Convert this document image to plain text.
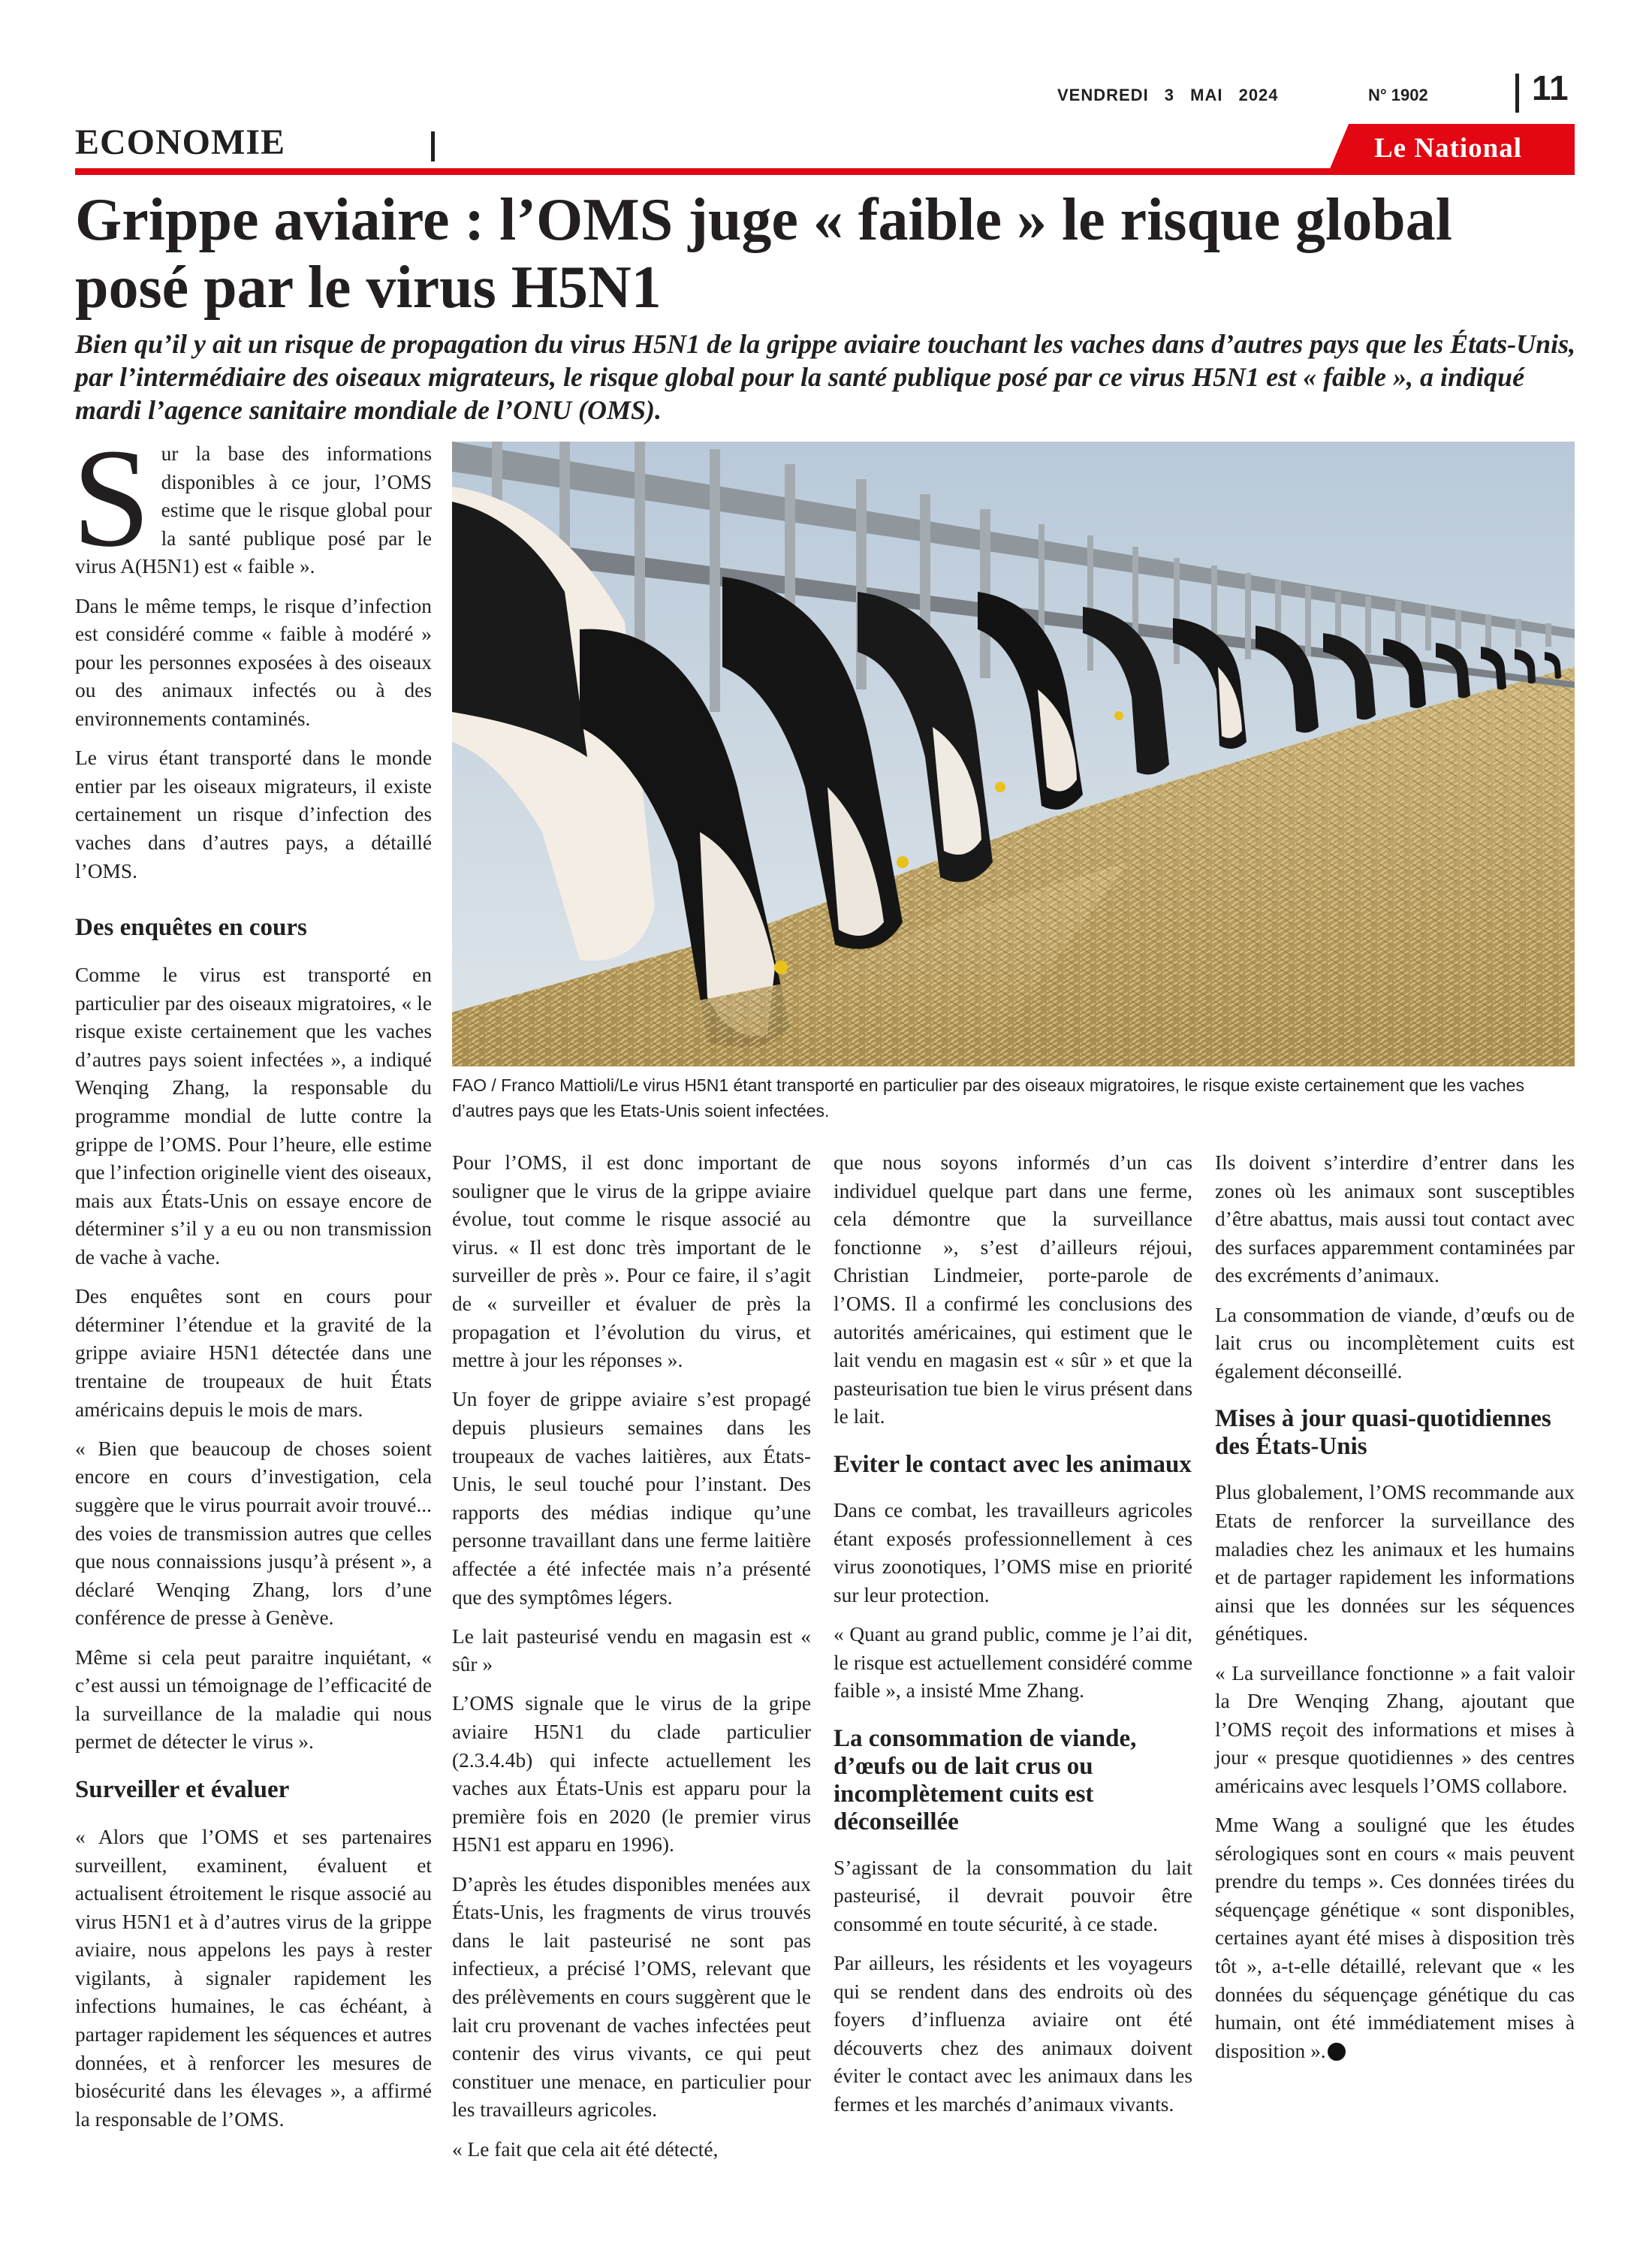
VENDREDI 3 MAI 2024	N° 1902	11
ECONOMIE	Le National
Grippe aviaire : l’OMS juge « faible » le risque global posé par le virus H5N1

Bien qu’il y ait un risque de propagation du virus H5N1 de la grippe aviaire touchant les vaches dans d’autres pays que les États-Unis, par l’intermédiaire des oiseaux migrateurs, le risque global pour la santé publique posé par ce virus H5N1 est « faible », a indiqué mardi l’agence sanitaire mondiale de l’ONU (OMS).

FAO / Franco Mattioli/Le virus H5N1 étant transporté en particulier par des oiseaux migratoires, le risque existe certainement que les vaches d’autres pays que les Etats-Unis soient infectées.

Sur la base des informations disponibles à ce jour, l’OMS estime que le risque global pour la santé publique posé par le virus A(H5N1) est « faible ».

Dans le même temps, le risque d’infection est considéré comme « faible à modéré » pour les personnes exposées à des oiseaux ou des animaux infectés ou à des environnements contaminés.

Le virus étant transporté dans le monde entier par les oiseaux migrateurs, il existe certainement un risque d’infection des vaches dans d’autres pays, a détaillé l’OMS.

Des enquêtes en cours

Comme le virus est transporté en particulier par des oiseaux migratoires, « le risque existe certainement que les vaches d’autres pays soient infectées », a indiqué Wenqing Zhang, la responsable du programme mondial de lutte contre la grippe de l’OMS. Pour l’heure, elle estime que l’infection originelle vient des oiseaux, mais aux États-Unis on essaye encore de déterminer s’il y a eu ou non transmission de vache à vache.

Des enquêtes sont en cours pour déterminer l’étendue et la gravité de la grippe aviaire H5N1 détectée dans une trentaine de troupeaux de huit États américains depuis le mois de mars.

« Bien que beaucoup de choses soient encore en cours d’investigation, cela suggère que le virus pourrait avoir trouvé... des voies de transmission autres que celles que nous connaissions jusqu’à présent », a déclaré Wenqing Zhang, lors d’une conférence de presse à Genève.

Même si cela peut paraitre inquiétant, « c’est aussi un témoignage de l’efficacité de la surveillance de la maladie qui nous permet de détecter le virus ».

Surveiller et évaluer

« Alors que l’OMS et ses partenaires surveillent, examinent, évaluent et actualisent étroitement le risque associé au virus H5N1 et à d’autres virus de la grippe aviaire, nous appelons les pays à rester vigilants, à signaler rapidement les infections humaines, le cas échéant, à partager rapidement les séquences et autres données, et à renforcer les mesures de biosécurité dans les élevages », a affirmé la responsable de l’OMS.

Pour l’OMS, il est donc important de souligner que le virus de la grippe aviaire évolue, tout comme le risque associé au virus. « Il est donc très important de le surveiller de près ». Pour ce faire, il s’agit de « surveiller et évaluer de près la propagation et l’évolution du virus, et mettre à jour les réponses ».

Un foyer de grippe aviaire s’est propagé depuis plusieurs semaines dans les troupeaux de vaches laitières, aux États-Unis, le seul touché pour l’instant. Des rapports des médias indique qu’une personne travaillant dans une ferme laitière affectée a été infectée mais n’a présenté que des symptômes légers.

Le lait pasteurisé vendu en magasin est « sûr »

L’OMS signale que le virus de la gripe aviaire H5N1 du clade particulier (2.3.4.4b) qui infecte actuellement les vaches aux États-Unis est apparu pour la première fois en 2020 (le premier virus H5N1 est apparu en 1996).

D’après les études disponibles menées aux États-Unis, les fragments de virus trouvés dans le lait pasteurisé ne sont pas infectieux, a précisé l’OMS, relevant que des prélèvements en cours suggèrent que le lait cru provenant de vaches infectées peut contenir des virus vivants, ce qui peut constituer une menace, en particulier pour les travailleurs agricoles.

« Le fait que cela ait été détecté,

que nous soyons informés d’un cas individuel quelque part dans une ferme, cela démontre que la surveillance fonctionne », s’est d’ailleurs réjoui, Christian Lindmeier, porte-parole de l’OMS. Il a confirmé les conclusions des autorités américaines, qui estiment que le lait vendu en magasin est « sûr » et que la pasteurisation tue bien le virus présent dans le lait.

Eviter le contact avec les animaux

Dans ce combat, les travailleurs agricoles étant exposés professionnellement à ces virus zoonotiques, l’OMS mise en priorité sur leur protection.

« Quant au grand public, comme je l’ai dit, le risque est actuellement considéré comme faible », a insisté Mme Zhang.

La consommation de viande, d’œufs ou de lait crus ou incomplètement cuits est déconseillée

S’agissant de la consommation du lait pasteurisé, il devrait pouvoir être consommé en toute sécurité, à ce stade.

Par ailleurs, les résidents et les voyageurs qui se rendent dans des endroits où des foyers d’influenza aviaire ont été découverts chez des animaux doivent éviter le contact avec les animaux dans les fermes et les marchés d’animaux vivants.

Ils doivent s’interdire d’entrer dans les zones où les animaux sont susceptibles d’être abattus, mais aussi tout contact avec des surfaces apparemment contaminées par des excréments d’animaux.

La consommation de viande, d’œufs ou de lait crus ou incomplètement cuits est également déconseillé.

Mises à jour quasi-quotidiennes des États-Unis

Plus globalement, l’OMS recommande aux Etats de renforcer la surveillance des maladies chez les animaux et les humains et de partager rapidement les informations ainsi que les données sur les séquences génétiques.

« La surveillance fonctionne » a fait valoir la Dre Wenqing Zhang, ajoutant que l’OMS reçoit des informations et mises à jour « presque quotidiennes » des centres américains avec lesquels l’OMS collabore.

Mme Wang a souligné que les études sérologiques sont en cours « mais peuvent prendre du temps ». Ces données tirées du séquençage génétique « sont disponibles, certaines ayant été mises à disposition très tôt », a-t-elle détaillé, relevant que « les données du séquençage génétique du cas humain, ont été immédiatement mises à disposition ».
